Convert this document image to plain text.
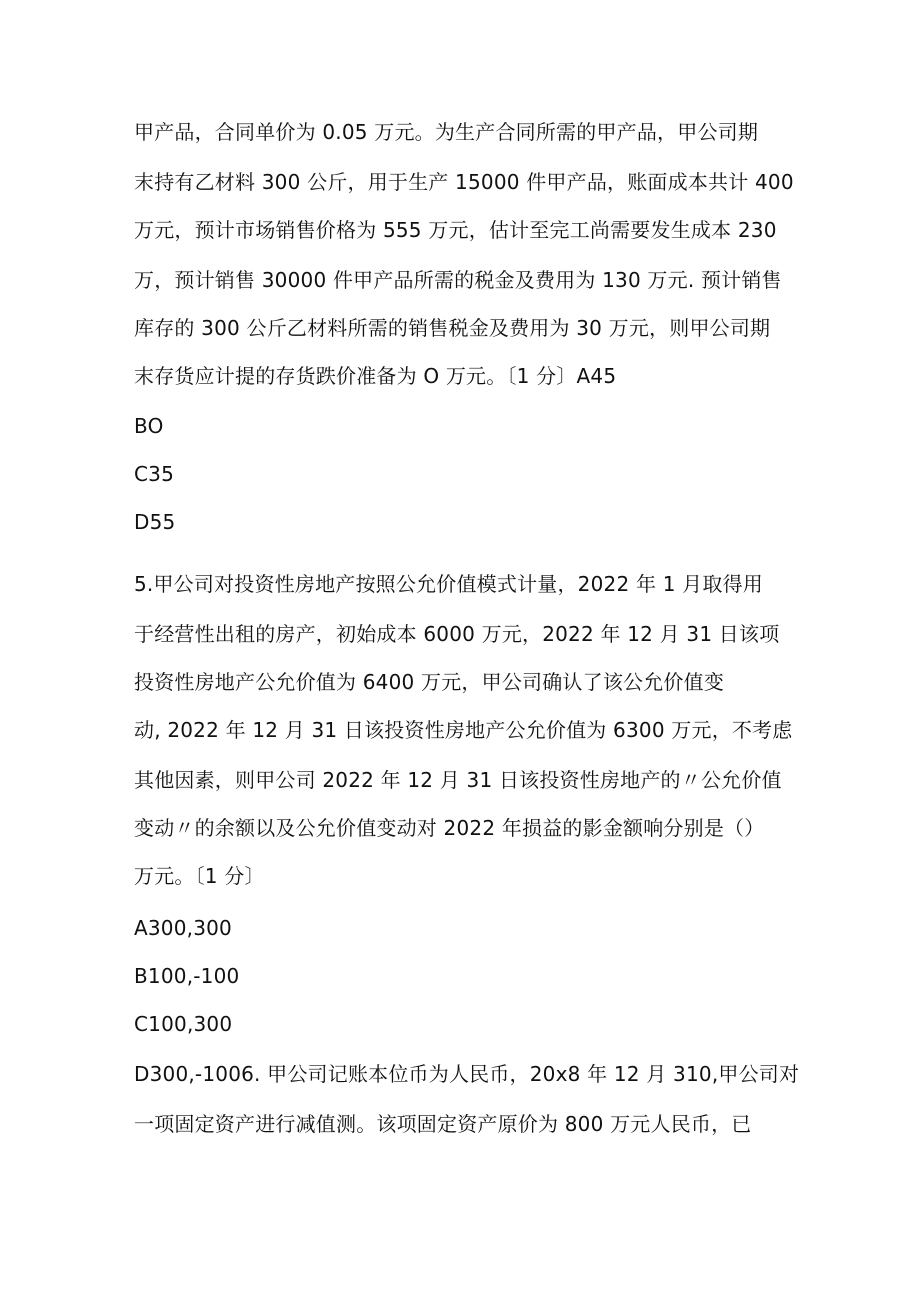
甲产品，合同单价为 0.05 万元。为生产合同所需的甲产品，甲公司期
末持有乙材料 300 公斤，用于生产 15000 件甲产品，账面成本共计 400
万元，预计市场销售价格为 555 万元，估计至完工尚需要发生成本 230
万，预计销售 30000 件甲产品所需的税金及费用为 130 万元. 预计销售
库存的 300 公斤乙材料所需的销售税金及费用为 30 万元，则甲公司期
末存货应计提的存货跌价准备为 O 万元。〔1 分〕A45
BO
C35
D55
5.甲公司对投资性房地产按照公允价值模式计量，2022 年 1 月取得用
于经营性出租的房产，初始成本 6000 万元，2022 年 12 月 31 日该项
投资性房地产公允价值为 6400 万元，甲公司确认了该公允价值变
动, 2022 年 12 月 31 日该投资性房地产公允价值为 6300 万元，不考虑
其他因素，则甲公司 2022 年 12 月 31 日该投资性房地产的〃公允价值
变动〃的余额以及公允价值变动对 2022 年损益的影金额响分别是（）
万元。〔1 分〕
A300,300
B100,-100
C100,300
D300,-1006. 甲公司记账本位币为人民币，20x8 年 12 月 310,甲公司对
一项固定资产进行减值测。该项固定资产原价为 800 万元人民币，已
